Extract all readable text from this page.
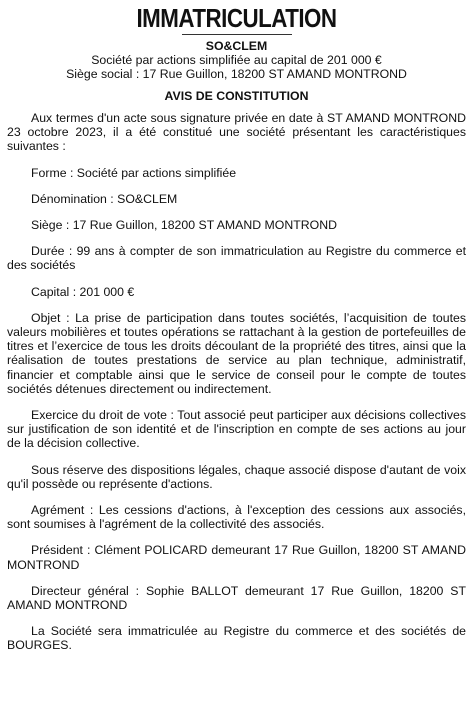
IMMATRICULATION
SO&CLEM
Société par actions simplifiée au capital de 201 000 €
Siège social : 17 Rue Guillon, 18200 ST AMAND MONTROND
AVIS DE CONSTITUTION

Aux termes d'un acte sous signature privée en date à ST AMAND MONTROND 23 octobre 2023, il a été constitué une société présentant les caractéristiques suivantes :

Forme : Société par actions simplifiée

Dénomination : SO&CLEM

Siège : 17 Rue Guillon, 18200 ST AMAND MONTROND

Durée : 99 ans à compter de son immatriculation au Registre du commerce et des sociétés

Capital : 201 000 €

Objet : La prise de participation dans toutes sociétés, l’acquisition de toutes valeurs mobilières et toutes opérations se rattachant à la gestion de portefeuilles de titres et l’exercice de tous les droits découlant de la propriété des titres, ainsi que la réalisation de toutes prestations de service au plan technique, administratif, financier et comptable ainsi que le service de conseil pour le compte de toutes sociétés détenues directement ou indirectement.

Exercice du droit de vote : Tout associé peut participer aux décisions collectives sur justification de son identité et de l'inscription en compte de ses actions au jour de la décision collective.

Sous réserve des dispositions légales, chaque associé dispose d'autant de voix qu'il possède ou représente d'actions.

Agrément : Les cessions d'actions, à l'exception des cessions aux associés, sont soumises à l'agrément de la collectivité des associés.

Président : Clément POLICARD demeurant 17 Rue Guillon, 18200 ST AMAND MONTROND

Directeur général : Sophie BALLOT demeurant 17 Rue Guillon, 18200 ST AMAND MONTROND

La Société sera immatriculée au Registre du commerce et des sociétés de BOURGES.
